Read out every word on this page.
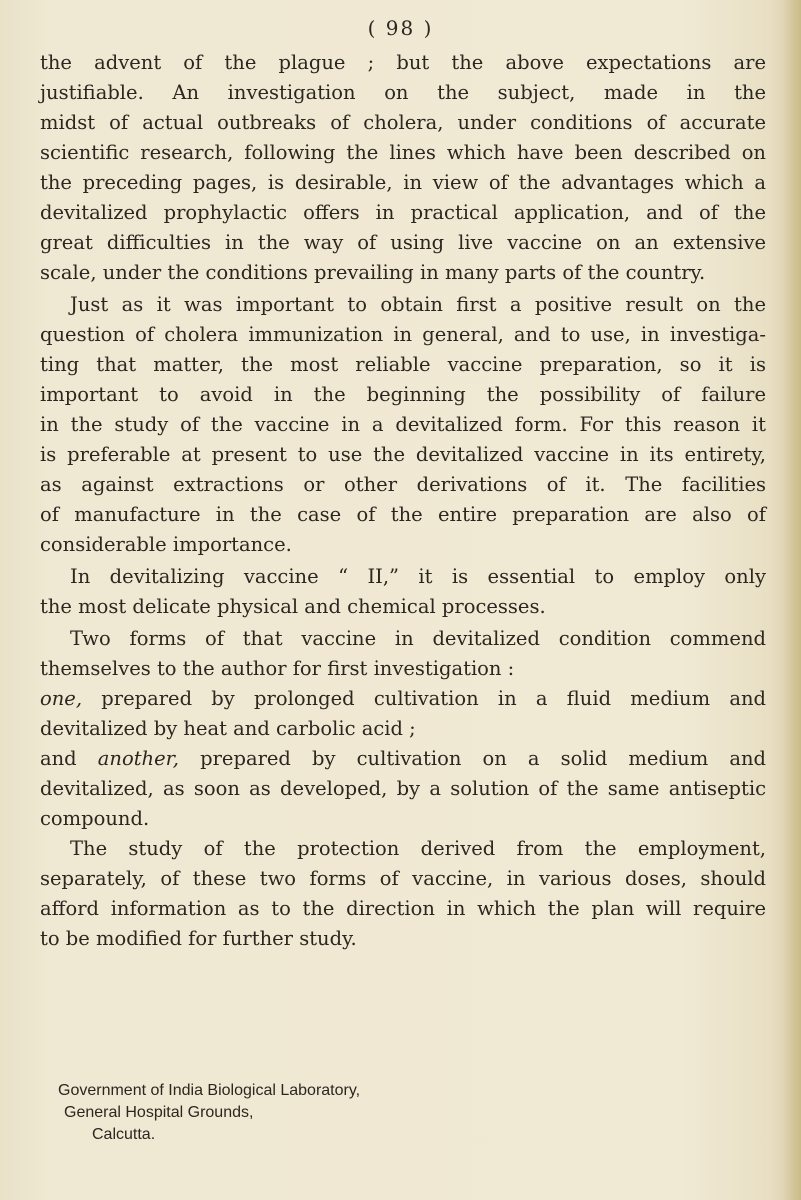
( 98 )
the advent of the plague ; but the above expectations are
justifiable. An investigation on the subject, made in the
midst of actual outbreaks of cholera, under conditions of accurate
scientific research, following the lines which have been described on
the preceding pages, is desirable, in view of the advantages which a
devitalized prophylactic offers in practical application, and of the
great difficulties in the way of using live vaccine on an extensive
scale, under the conditions prevailing in many parts of the country.
Just as it was important to obtain first a positive result on the
question of cholera immunization in general, and to use, in investiga-
ting that matter, the most reliable vaccine preparation, so it is
important to avoid in the beginning the possibility of failure
in the study of the vaccine in a devitalized form. For this reason it
is preferable at present to use the devitalized vaccine in its entirety,
as against extractions or other derivations of it. The facilities
of manufacture in the case of the entire preparation are also of
considerable importance.
In devitalizing vaccine “ II,” it is essential to employ only
the most delicate physical and chemical processes.
Two forms of that vaccine in devitalized condition commend
themselves to the author for first investigation :
one, prepared by prolonged cultivation in a fluid medium and
devitalized by heat and carbolic acid ;
and another, prepared by cultivation on a solid medium and
devitalized, as soon as developed, by a solution of the same antiseptic
compound.
The study of the protection derived from the employment,
separately, of these two forms of vaccine, in various doses, should
afford information as to the direction in which the plan will require
to be modified for further study.
Government of India Biological Laboratory,
General Hospital Grounds,
Calcutta.
